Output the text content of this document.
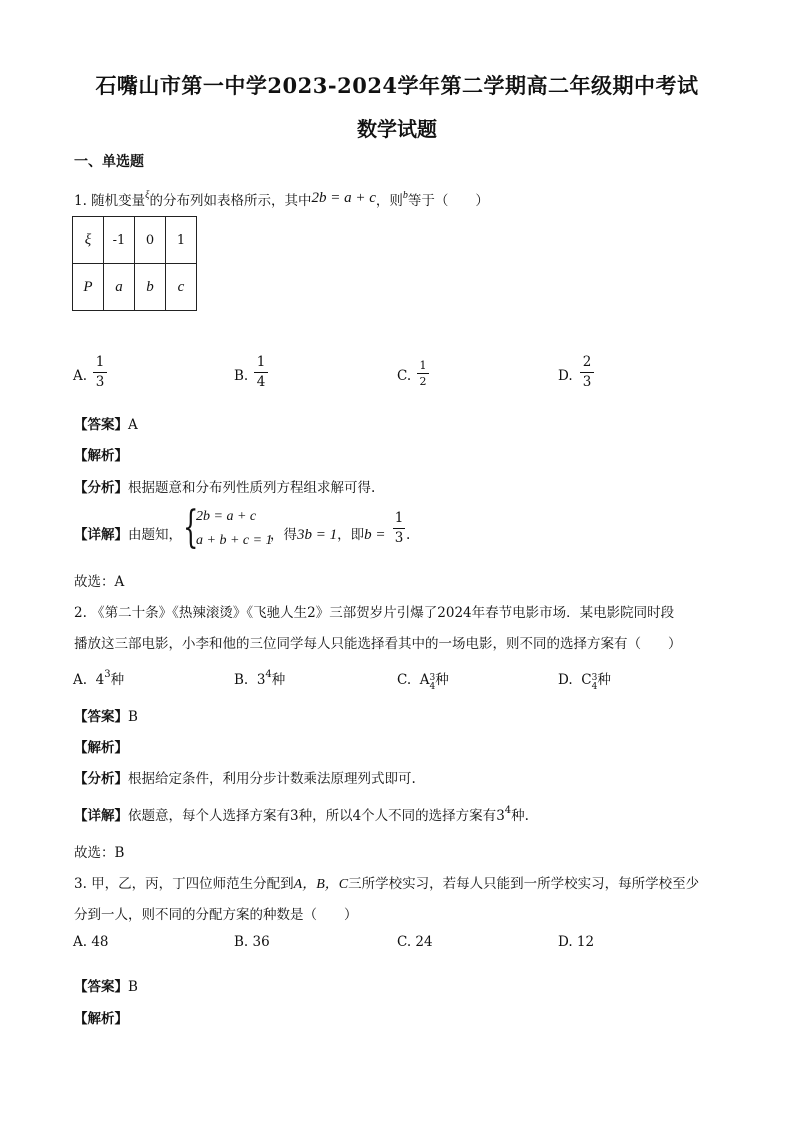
石嘴山市第一中学2023-2024学年第二学期高二年级期中考试
数学试题
一、单选题
1. 随机变量$^\xi$的分布列如表格所示，其中2b = a + c，则$^b$等于（　　）
ξ	-1	0	1
P	a	b	c
A.
1
3	B.
1
4	C.
1
2	D.
2
3
【答案】A
【解析】
【分析】根据题意和分布列性质列方程组求解可得.
【详解】由题知， {
2b = a + c
a + b + c = 1
，得3b = 1，即b =
1
3 .
故选：A
2. 《第二十条》《热辣滚烫》《飞驰人生2》三部贺岁片引爆了2024年春节电影市场．某电影院同时段
播放这三部电影，小李和他的三位同学每人只能选择看其中的一场电影，则不同的选择方案有（　　）
A. $4^3$种	B. $3^4$种	C. A 3
4 种	D. C 3
4 种
【答案】B
【解析】
【分析】根据给定条件，利用分步计数乘法原理列式即可.
【详解】依题意，每个人选择方案有3种，所以4个人不同的选择方案有$3^4$种.
故选：B
3. 甲，乙，丙，丁四位师范生分配到A，B，C三所学校实习，若每人只能到一所学校实习，每所学校至少
分到一人，则不同的分配方案的种数是（　　）
A. 48	B. 36	C. 24	D. 12
【答案】B
【解析】
